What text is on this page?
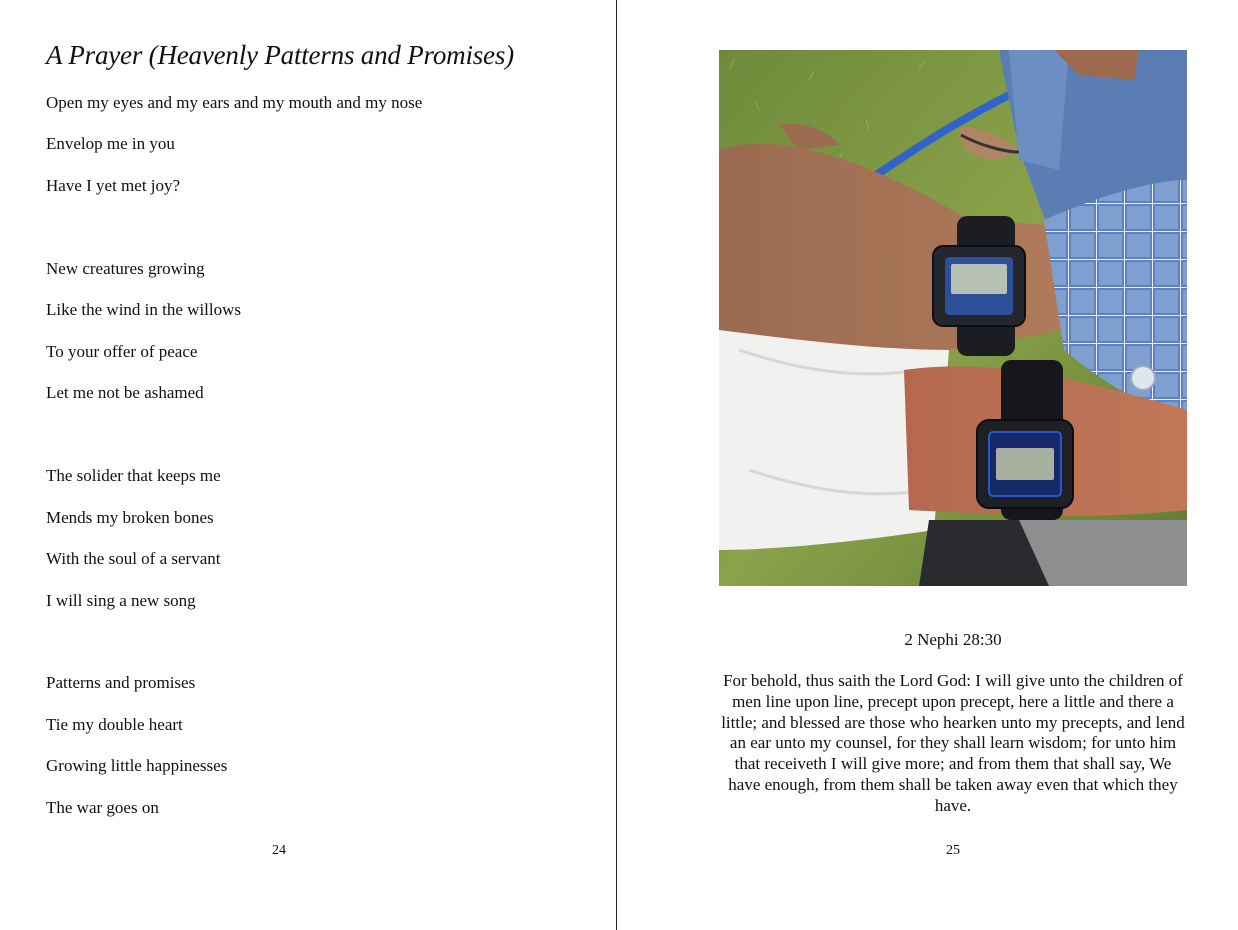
A Prayer (Heavenly Patterns and Promises)

Open my eyes and my ears and my mouth and my nose

Envelop me in you

Have I yet met joy?

New creatures growing

Like the wind in the willows

To your offer of peace

Let me not be ashamed

The solider that keeps me

Mends my broken bones

With the soul of a servant

I will sing a new song

Patterns and promises

Tie my double heart

Growing little happinesses

The war goes on

24
2 Nephi 28:30
For behold, thus saith the Lord God: I will give unto the children of men line upon line, precept upon precept, here a little and there a little; and blessed are those who hearken unto my precepts, and lend an ear unto my counsel, for they shall learn wisdom; for unto him that receiveth I will give more; and from them that shall say, We have enough, from them shall be taken away even that which they have.
25
